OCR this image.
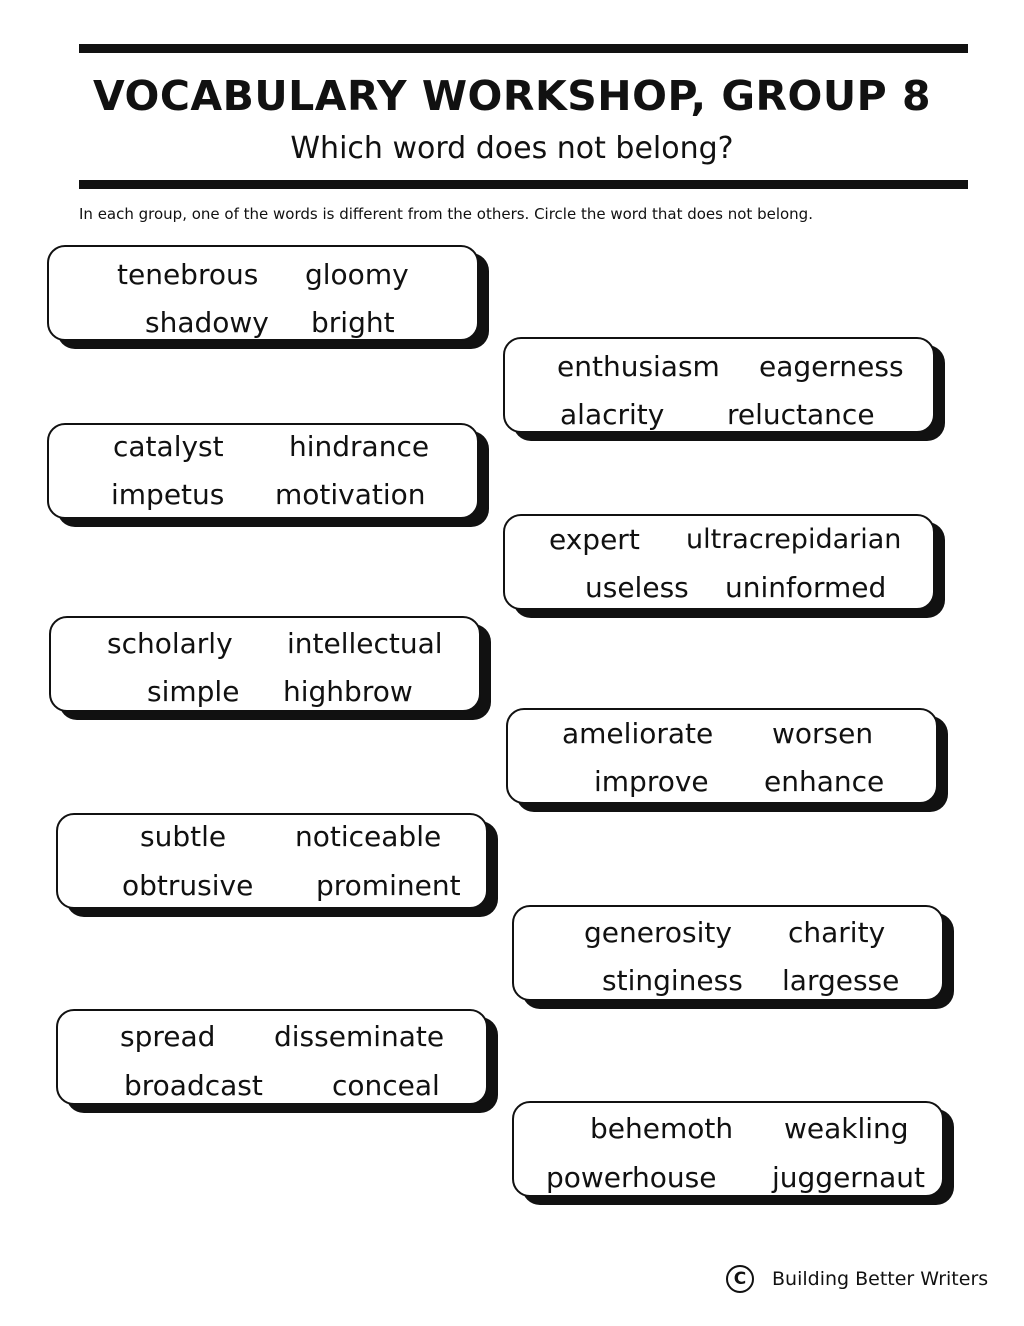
VOCABULARY WORKSHOP, GROUP 8

Which word does not belong?

In each group, one of the words is different from the others. Circle the word that does not belong.

tenebrous gloomy
shadowy bright
enthusiasm eagerness
alacrity reluctance
catalyst hindrance
impetus motivation
expert ultracrepidarian
useless uninformed
scholarly intellectual
simple highbrow
ameliorate worsen
improve enhance
subtle noticeable
obtrusive prominent
generosity charity
stinginess largesse
spread disseminate
broadcast conceal
behemoth weakling
powerhouse juggernaut
C	Building Better Writers
